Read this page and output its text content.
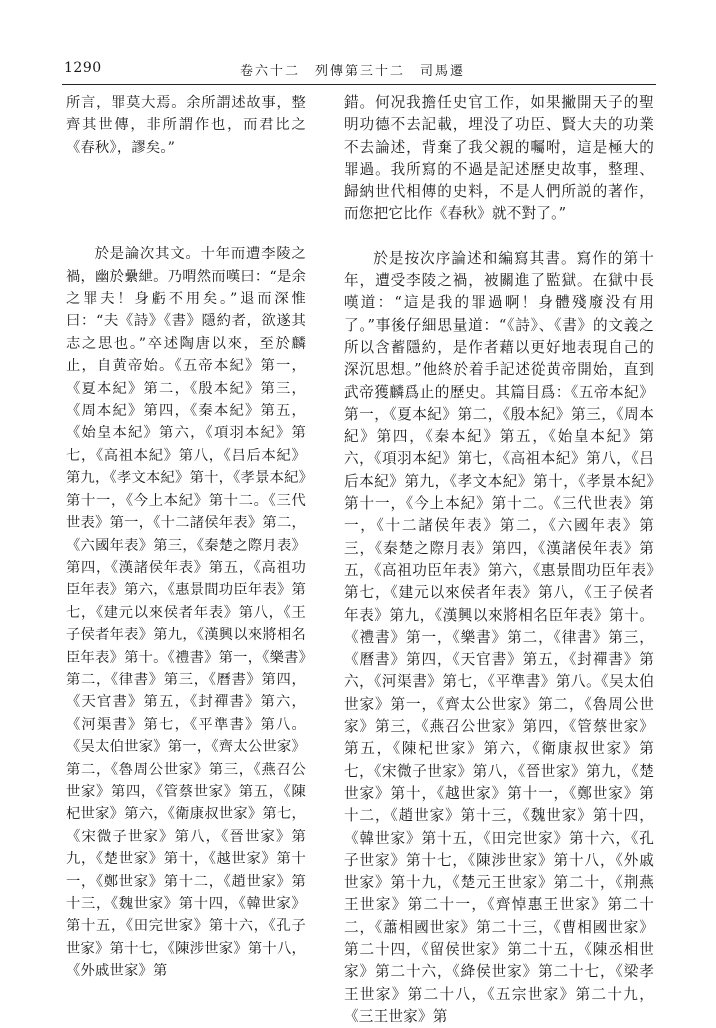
1290	卷六十二　列傳第三十二　司馬遷

所言，罪莫大焉。余所謂述故事，整齊其世傳，非所謂作也，而君比之《春秋》，謬矣。”

於是論次其文。十年而遭李陵之禍，幽於纍紲。乃喟然而嘆曰：“是余之罪夫！身虧不用矣。”退而深惟曰：“夫《詩》《書》隱約者，欲遂其志之思也。”卒述陶唐以來，至於麟止，自黄帝始。《五帝本紀》第一，《夏本紀》第二，《殷本紀》第三，《周本紀》第四，《秦本紀》第五，《始皇本紀》第六，《項羽本紀》第七，《高祖本紀》第八，《吕后本紀》第九，《孝文本紀》第十，《孝景本紀》第十一，《今上本紀》第十二。《三代世表》第一，《十二諸侯年表》第二，《六國年表》第三，《秦楚之際月表》第四，《漢諸侯年表》第五，《高祖功臣年表》第六，《惠景間功臣年表》第七，《建元以來侯者年表》第八，《王子侯者年表》第九，《漢興以來將相名臣年表》第十。《禮書》第一，《樂書》第二，《律書》第三，《曆書》第四，《天官書》第五，《封禪書》第六，《河渠書》第七，《平準書》第八。《吴太伯世家》第一，《齊太公世家》第二，《魯周公世家》第三，《燕召公世家》第四，《管蔡世家》第五，《陳杞世家》第六，《衛康叔世家》第七，《宋微子世家》第八，《晉世家》第九，《楚世家》第十，《越世家》第十一，《鄭世家》第十二，《趙世家》第十三，《魏世家》第十四，《韓世家》第十五，《田完世家》第十六，《孔子世家》第十七，《陳涉世家》第十八，《外戚世家》第

錯。何况我擔任史官工作，如果撇開天子的聖明功德不去記載，埋没了功臣、賢大夫的功業不去論述，背棄了我父親的囑咐，這是極大的罪過。我所寫的不過是記述歷史故事，整理、歸納世代相傳的史料，不是人們所説的著作，而您把它比作《春秋》就不對了。”

於是按次序論述和編寫其書。寫作的第十年，遭受李陵之禍，被關進了監獄。在獄中長嘆道：“這是我的罪過啊！身體殘廢没有用了。”事後仔細思量道：“《詩》、《書》的文義之所以含蓄隱約，是作者藉以更好地表現自己的深沉思想。”他終於着手記述從黄帝開始，直到武帝獲麟爲止的歷史。其篇目爲：《五帝本紀》第一，《夏本紀》第二，《殷本紀》第三，《周本紀》第四，《秦本紀》第五，《始皇本紀》第六，《項羽本紀》第七，《高祖本紀》第八，《吕后本紀》第九，《孝文本紀》第十，《孝景本紀》第十一，《今上本紀》第十二。《三代世表》第一，《十二諸侯年表》第二，《六國年表》第三，《秦楚之際月表》第四，《漢諸侯年表》第五，《高祖功臣年表》第六，《惠景間功臣年表》第七，《建元以來侯者年表》第八，《王子侯者年表》第九，《漢興以來將相名臣年表》第十。《禮書》第一，《樂書》第二，《律書》第三，《曆書》第四，《天官書》第五，《封禪書》第六，《河渠書》第七，《平準書》第八。《吴太伯世家》第一，《齊太公世家》第二，《魯周公世家》第三，《燕召公世家》第四，《管蔡世家》第五，《陳杞世家》第六，《衛康叔世家》第七，《宋微子世家》第八，《晉世家》第九，《楚世家》第十，《越世家》第十一，《鄭世家》第十二，《趙世家》第十三，《魏世家》第十四，《韓世家》第十五，《田完世家》第十六，《孔子世家》第十七，《陳涉世家》第十八，《外戚世家》第十九，《楚元王世家》第二十，《荆燕王世家》第二十一，《齊悼惠王世家》第二十二，《蕭相國世家》第二十三，《曹相國世家》第二十四，《留侯世家》第二十五，《陳丞相世家》第二十六，《絳侯世家》第二十七，《梁孝王世家》第二十八，《五宗世家》第二十九，《三王世家》第
